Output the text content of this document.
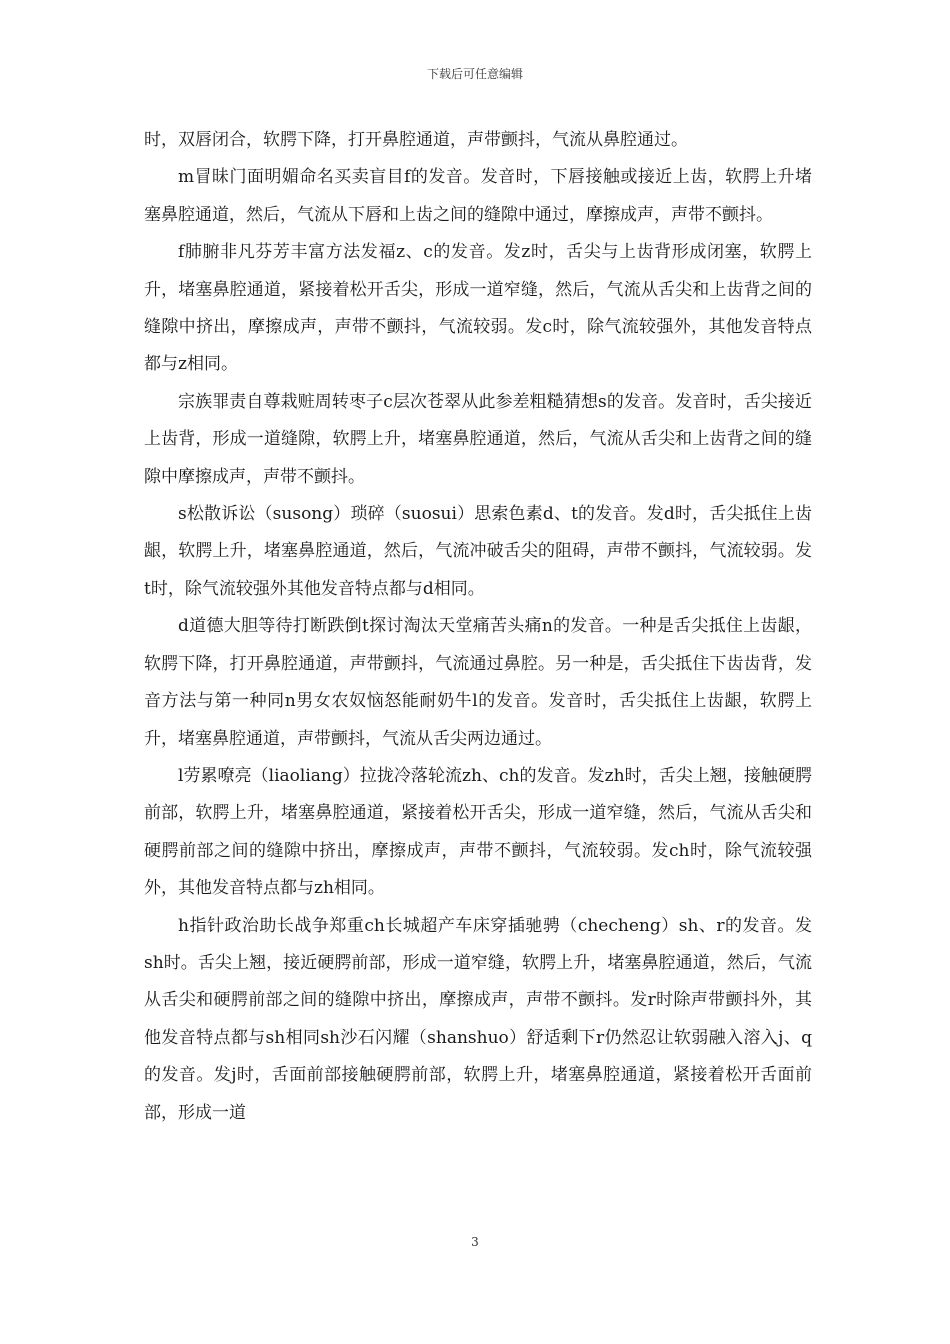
下载后可任意编辑

时，双唇闭合，软腭下降，打开鼻腔通道，声带颤抖，气流从鼻腔通过。

m冒昧门面明媚命名买卖盲目f的发音。发音时，下唇接触或接近上齿，软腭上升堵塞鼻腔通道，然后，气流从下唇和上齿之间的缝隙中通过，摩擦成声，声带不颤抖。

f肺腑非凡芬芳丰富方法发福z、c的发音。发z时，舌尖与上齿背形成闭塞，软腭上升，堵塞鼻腔通道，紧接着松开舌尖，形成一道窄缝，然后，气流从舌尖和上齿背之间的缝隙中挤出，摩擦成声，声带不颤抖，气流较弱。发c时，除气流较强外，其他发音特点都与z相同。

宗族罪责自尊栽赃周转枣子c层次苍翠从此参差粗糙猜想s的发音。发音时，舌尖接近上齿背，形成一道缝隙，软腭上升，堵塞鼻腔通道，然后，气流从舌尖和上齿背之间的缝隙中摩擦成声，声带不颤抖。

s松散诉讼（susong）琐碎（suosui）思索色素d、t的发音。发d时，舌尖抵住上齿龈，软腭上升，堵塞鼻腔通道，然后，气流冲破舌尖的阻碍，声带不颤抖，气流较弱。发t时，除气流较强外其他发音特点都与d相同。

d道德大胆等待打断跌倒t探讨淘汰天堂痛苦头痛n的发音。一种是舌尖抵住上齿龈，软腭下降，打开鼻腔通道，声带颤抖，气流通过鼻腔。另一种是，舌尖抵住下齿齿背，发音方法与第一种同n男女农奴恼怒能耐奶牛l的发音。发音时，舌尖抵住上齿龈，软腭上升，堵塞鼻腔通道，声带颤抖，气流从舌尖两边通过。

l劳累嘹亮（liaoliang）拉拢冷落轮流zh、ch的发音。发zh时，舌尖上翘，接触硬腭前部，软腭上升，堵塞鼻腔通道，紧接着松开舌尖，形成一道窄缝，然后，气流从舌尖和硬腭前部之间的缝隙中挤出，摩擦成声，声带不颤抖，气流较弱。发ch时，除气流较强外，其他发音特点都与zh相同。

h指针政治助长战争郑重ch长城超产车床穿插驰骋（checheng）sh、r的发音。发sh时。舌尖上翘，接近硬腭前部，形成一道窄缝，软腭上升，堵塞鼻腔通道，然后，气流从舌尖和硬腭前部之间的缝隙中挤出，摩擦成声，声带不颤抖。发r时除声带颤抖外，其他发音特点都与sh相同sh沙石闪耀（shanshuo）舒适剩下r仍然忍让软弱融入溶入j、q的发音。发j时，舌面前部接触硬腭前部，软腭上升，堵塞鼻腔通道，紧接着松开舌面前部，形成一道

3
